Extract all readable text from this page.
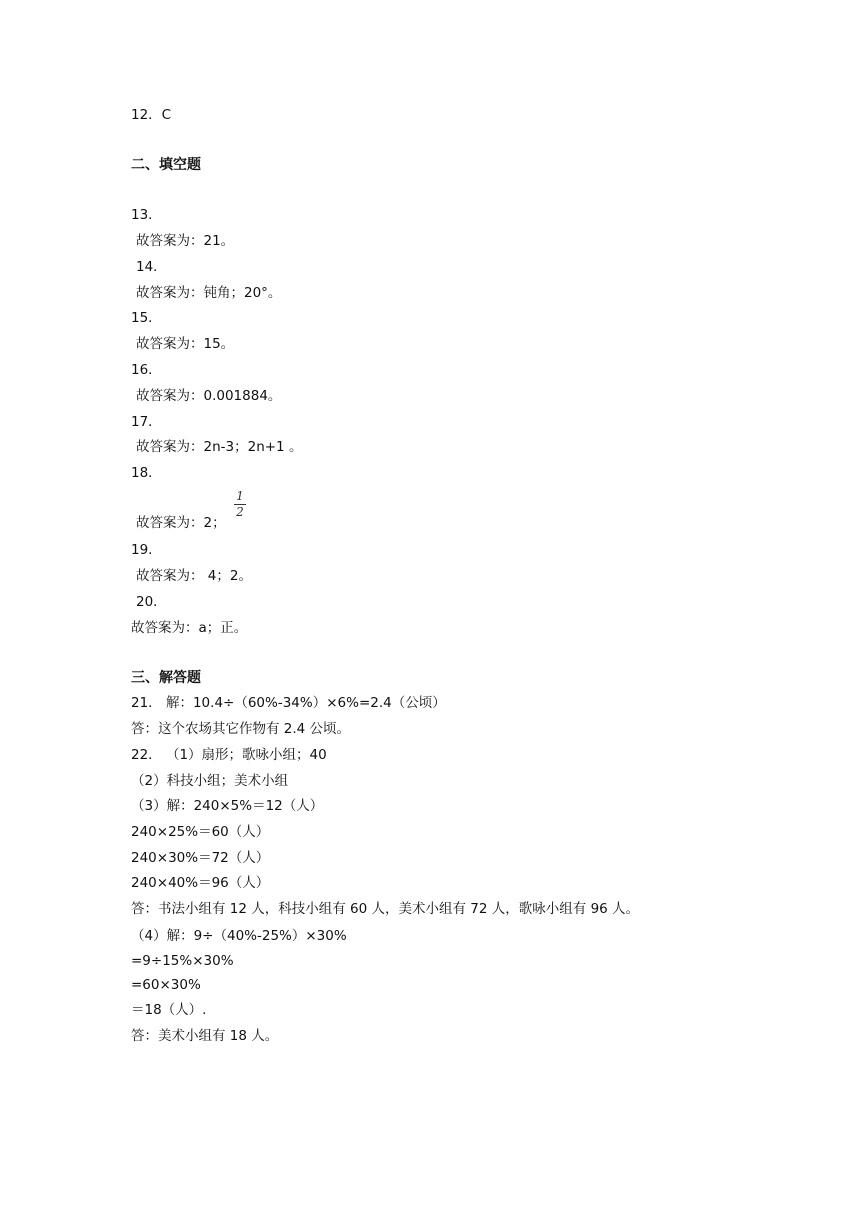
12．C
二、填空题
13．
故答案为：21。
14．
故答案为：钝角；20°。
15．
故答案为：15。
16．
故答案为：0.001884。
17．
故答案为：2n-3；2n+1 。
18．
故答案为：2；
1
2
19．
故答案为： 4；2。
20．
故答案为：a；正。
三、解答题
21． 解：10.4÷（60%-34%）×6%=2.4（公顷）
答：这个农场其它作物有 2.4 公顷。
22． （1）扇形；歌咏小组；40
（2）科技小组；美术小组
（3）解：240×5%＝12（人）
240×25%＝60（人）
240×30%＝72（人）
240×40%＝96（人）
答：书法小组有 12 人，科技小组有 60 人，美术小组有 72 人，歌咏小组有 96 人。
（4）解：9÷（40%-25%）×30%
=9÷15%×30%
=60×30%
＝18（人）.
答：美术小组有 18 人。
